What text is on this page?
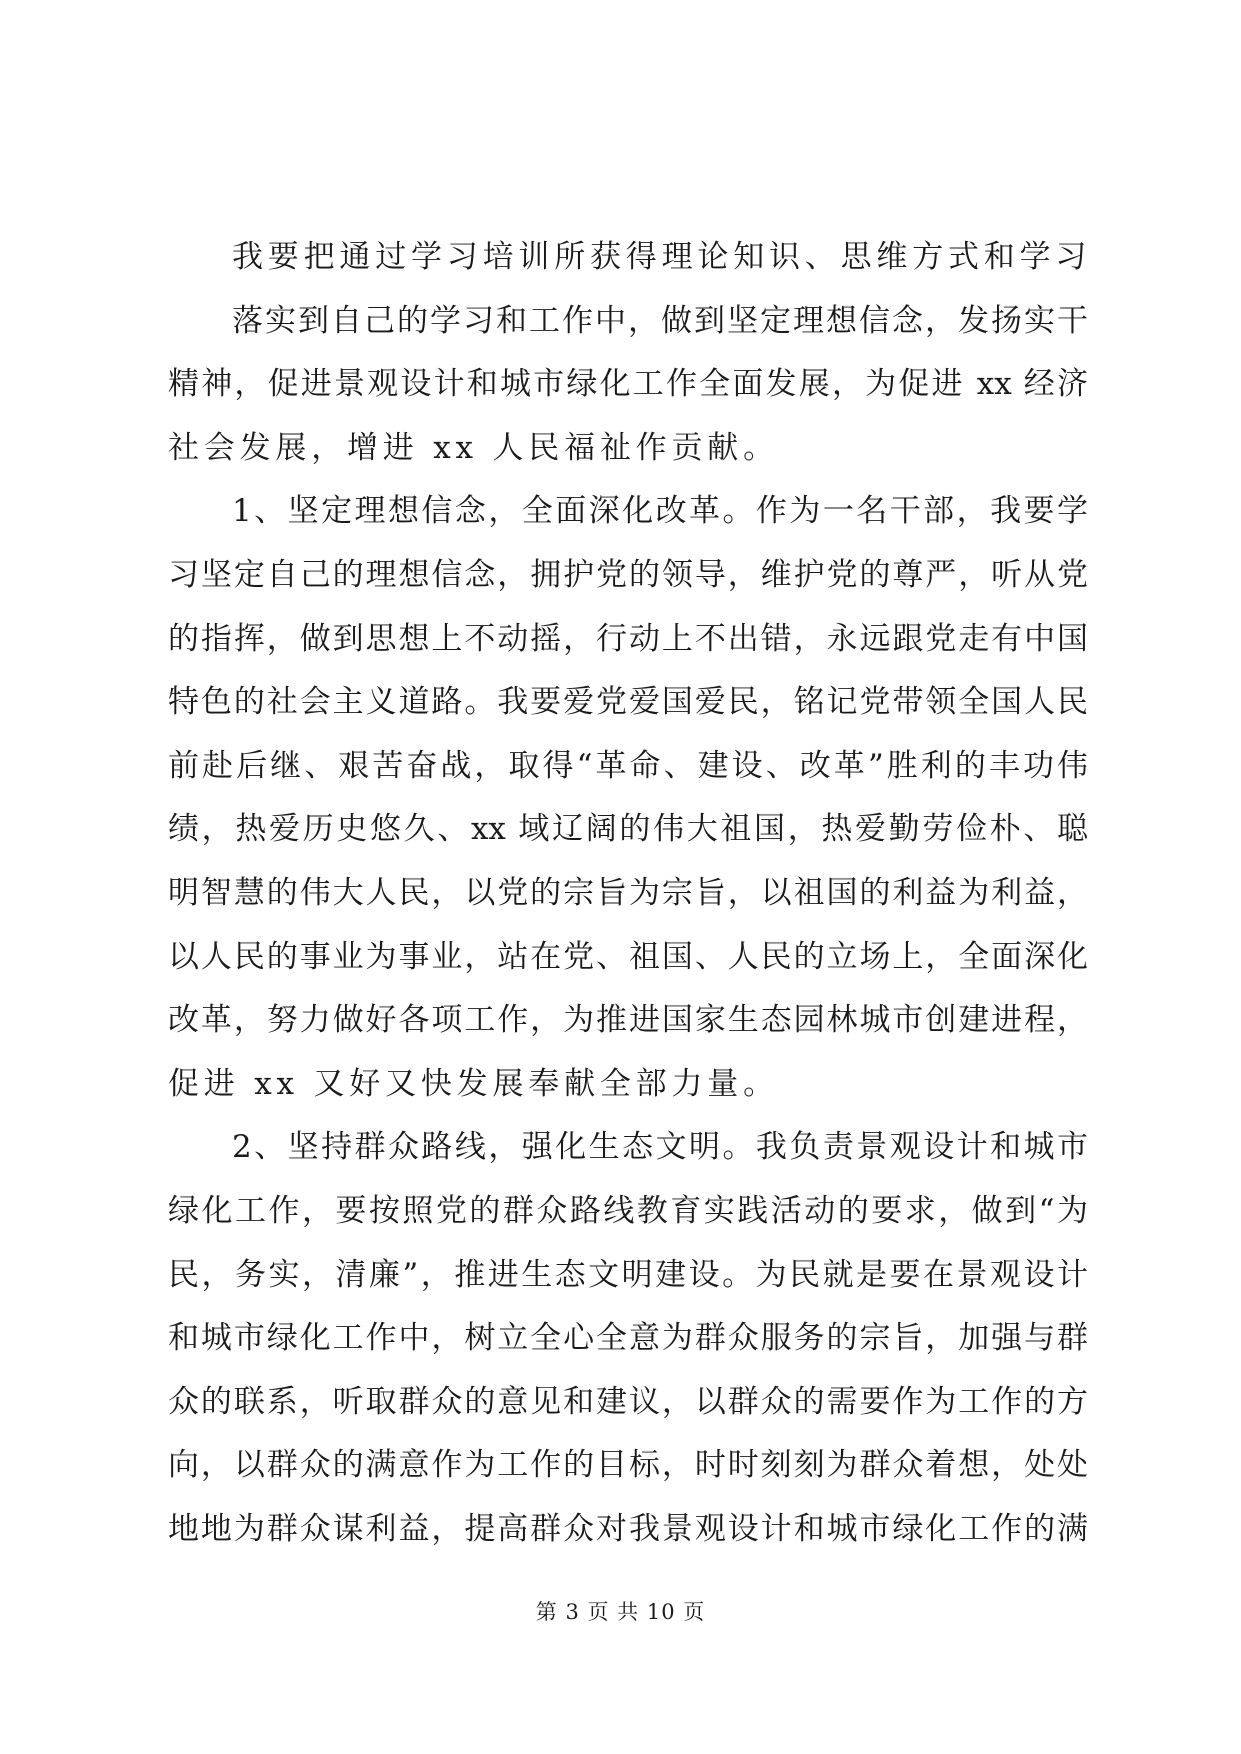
我要把通过学习培训所获得理论知识、思维方式和学习
落实到自己的学习和工作中，做到坚定理想信念，发扬实干
精神，促进景观设计和城市绿化工作全面发展，为促进 xx 经济
社会发展，增进 xx 人民福祉作贡献。
1、坚定理想信念，全面深化改革。作为一名干部，我要学
习坚定自己的理想信念，拥护党的领导，维护党的尊严，听从党
的指挥，做到思想上不动摇，行动上不出错，永远跟党走有中国
特色的社会主义道路。我要爱党爱国爱民，铭记党带领全国人民
前赴后继、艰苦奋战，取得“革命、建设、改革”胜利的丰功伟
绩，热爱历史悠久、xx 域辽阔的伟大祖国，热爱勤劳俭朴、聪
明智慧的伟大人民，以党的宗旨为宗旨，以祖国的利益为利益，
以人民的事业为事业，站在党、祖国、人民的立场上，全面深化
改革，努力做好各项工作，为推进国家生态园林城市创建进程，
促进 xx 又好又快发展奉献全部力量。
2、坚持群众路线，强化生态文明。我负责景观设计和城市
绿化工作，要按照党的群众路线教育实践活动的要求，做到“为
民，务实，清廉”，推进生态文明建设。为民就是要在景观设计
和城市绿化工作中，树立全心全意为群众服务的宗旨，加强与群
众的联系，听取群众的意见和建议，以群众的需要作为工作的方
向，以群众的满意作为工作的目标，时时刻刻为群众着想，处处
地地为群众谋利益，提高群众对我景观设计和城市绿化工作的满
第 3 页 共 10 页
